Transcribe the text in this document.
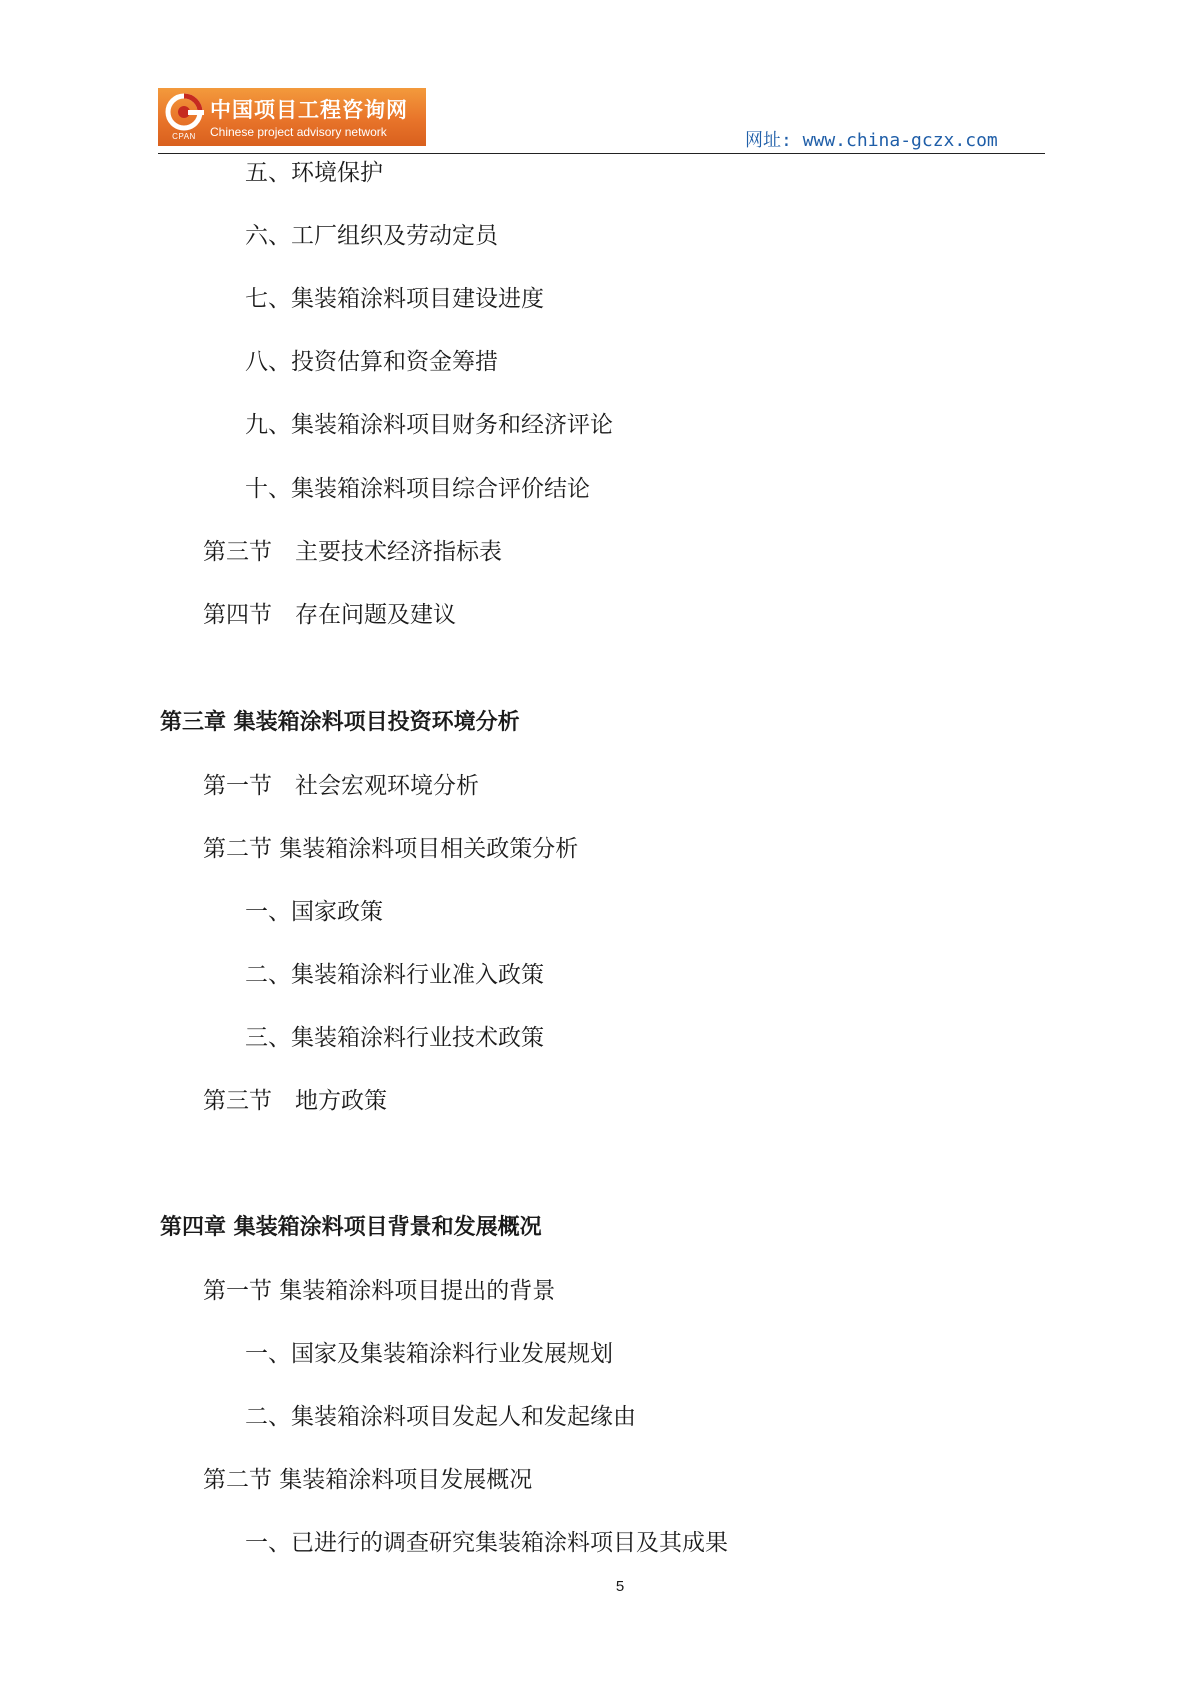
CPAN
中国项目工程咨询网
Chinese project advisory network	网址: www.china-gczx.com
五、环境保护
六、工厂组织及劳动定员
七、集装箱涂料项目建设进度
八、投资估算和资金筹措
九、集装箱涂料项目财务和经济评论
十、集装箱涂料项目综合评价结论
第三节　主要技术经济指标表
第四节　存在问题及建议
第三章 集装箱涂料项目投资环境分析
第一节　社会宏观环境分析
第二节 集装箱涂料项目相关政策分析
一、国家政策
二、集装箱涂料行业准入政策
三、集装箱涂料行业技术政策
第三节　地方政策
第四章 集装箱涂料项目背景和发展概况
第一节 集装箱涂料项目提出的背景
一、国家及集装箱涂料行业发展规划
二、集装箱涂料项目发起人和发起缘由
第二节 集装箱涂料项目发展概况
一、已进行的调查研究集装箱涂料项目及其成果
5
